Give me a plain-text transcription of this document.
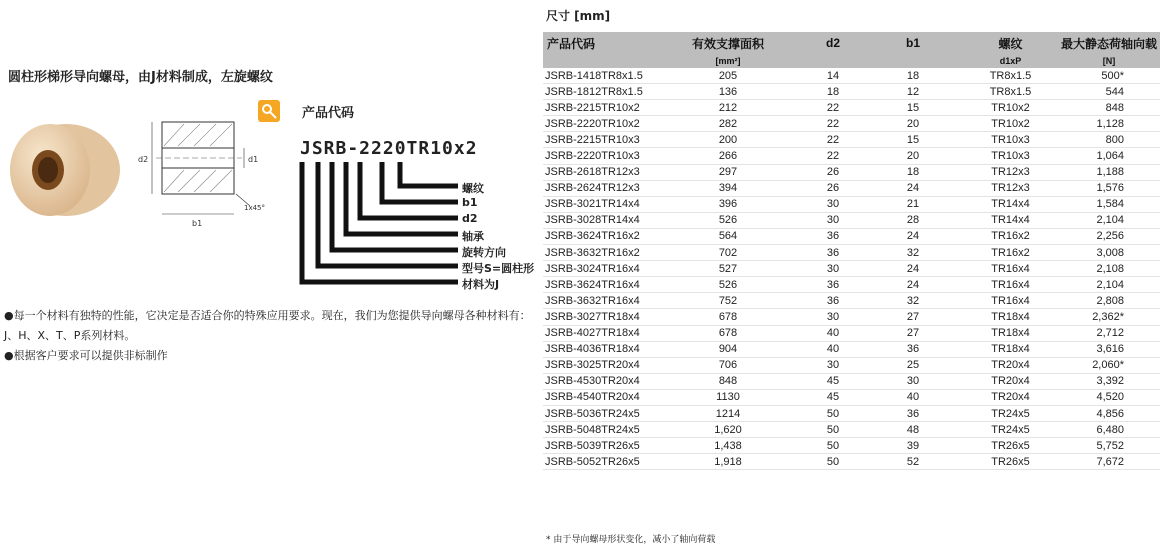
圆柱形梯形导向螺母，由J材料制成，左旋螺纹
d2	d1
b1
1x45°
产品代码
JSRB-2220TR10x2
螺纹
b1
d2
轴承
旋转方向
型号S=圆柱形
材料为J
●每一个材料有独特的性能，它决定是否适合你的特殊应用要求。现在，我们为您提供导向螺母各种材料有：J、H、X、T、P系列材料。
●根据客户要求可以提供非标制作
尺寸 [mm]
产品代码	有效支撑面积	d2	b1	螺纹	最大静态荷轴向载
	[mm²]			d1xP	[N]
JSRB-1418TR8x1.5	205	14	18	TR8x1.5	500*
JSRB-1812TR8x1.5	136	18	12	TR8x1.5	544
JSRB-2215TR10x2	212	22	15	TR10x2	848
JSRB-2220TR10x2	282	22	20	TR10x2	1,128
JSRB-2215TR10x3	200	22	15	TR10x3	800
JSRB-2220TR10x3	266	22	20	TR10x3	1,064
JSRB-2618TR12x3	297	26	18	TR12x3	1,188
JSRB-2624TR12x3	394	26	24	TR12x3	1,576
JSRB-3021TR14x4	396	30	21	TR14x4	1,584
JSRB-3028TR14x4	526	30	28	TR14x4	2,104
JSRB-3624TR16x2	564	36	24	TR16x2	2,256
JSRB-3632TR16x2	702	36	32	TR16x2	3,008
JSRB-3024TR16x4	527	30	24	TR16x4	2,108
JSRB-3624TR16x4	526	36	24	TR16x4	2,104
JSRB-3632TR16x4	752	36	32	TR16x4	2,808
JSRB-3027TR18x4	678	30	27	TR18x4	2,362*
JSRB-4027TR18x4	678	40	27	TR18x4	2,712
JSRB-4036TR18x4	904	40	36	TR18x4	3,616
JSRB-3025TR20x4	706	30	25	TR20x4	2,060*
JSRB-4530TR20x4	848	45	30	TR20x4	3,392
JSRB-4540TR20x4	1130	45	40	TR20x4	4,520
JSRB-5036TR24x5	1214	50	36	TR24x5	4,856
JSRB-5048TR24x5	1,620	50	48	TR24x5	6,480
JSRB-5039TR26x5	1,438	50	39	TR26x5	5,752
JSRB-5052TR26x5	1,918	50	52	TR26x5	7,672
* 由于导向螺母形状变化，减小了轴向荷载
